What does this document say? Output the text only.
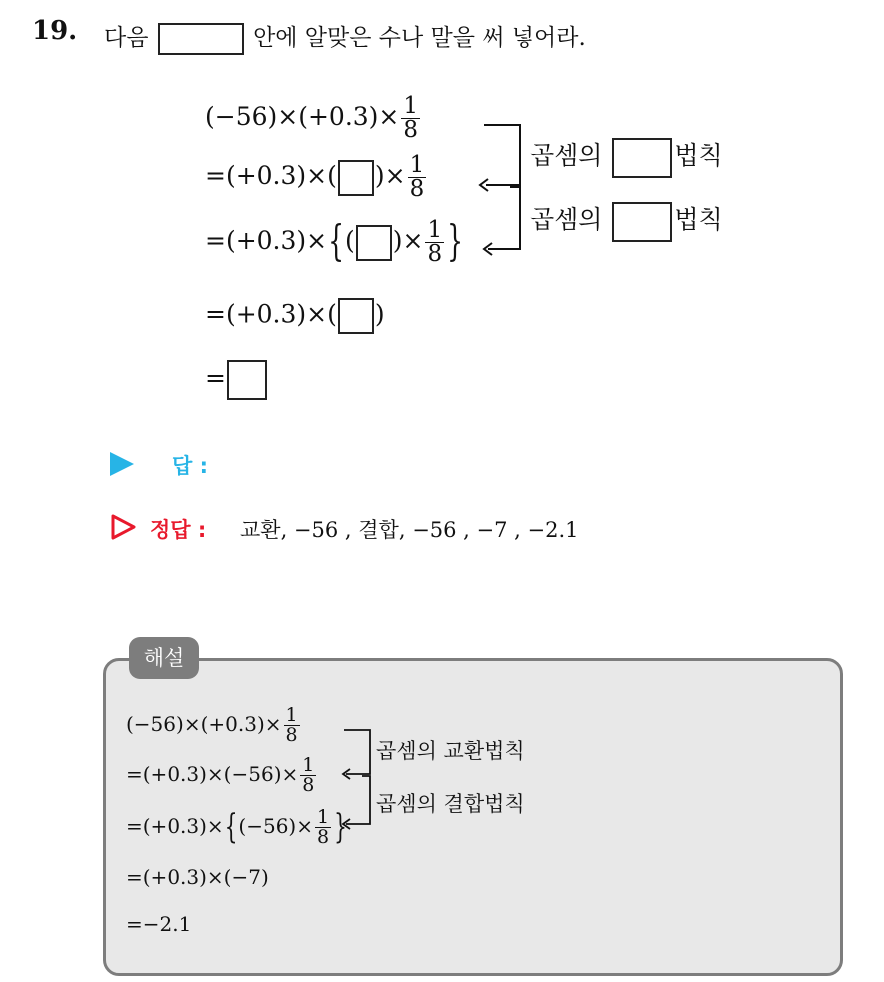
19. 다음	안에 알맞은 수나 말을 써 넣어라.
$(-56)\times(+0.3)\times \frac{1}{8}$
=(+0.3)×( )× $\frac{1}{8}$
=(+0.3)×{( )× $\frac{1}{8}$ }
=(+0.3)×( )
=
곱셈의	법칙
곱셈의	법칙
답 :
정답 : 교환, −56 , 결합, −56 , −7 , −2.1
해설
$(-56)\times(+0.3)\times \frac{1}{8}$
$=(+0.3)\times(-56)\times \frac{1}{8}$
$=(+0.3)\times\{(-56)\times \frac{1}{8}$ }
=(+0.3)×(−7)
=−2.1
곱셈의 교환법칙
곱셈의 결합법칙
